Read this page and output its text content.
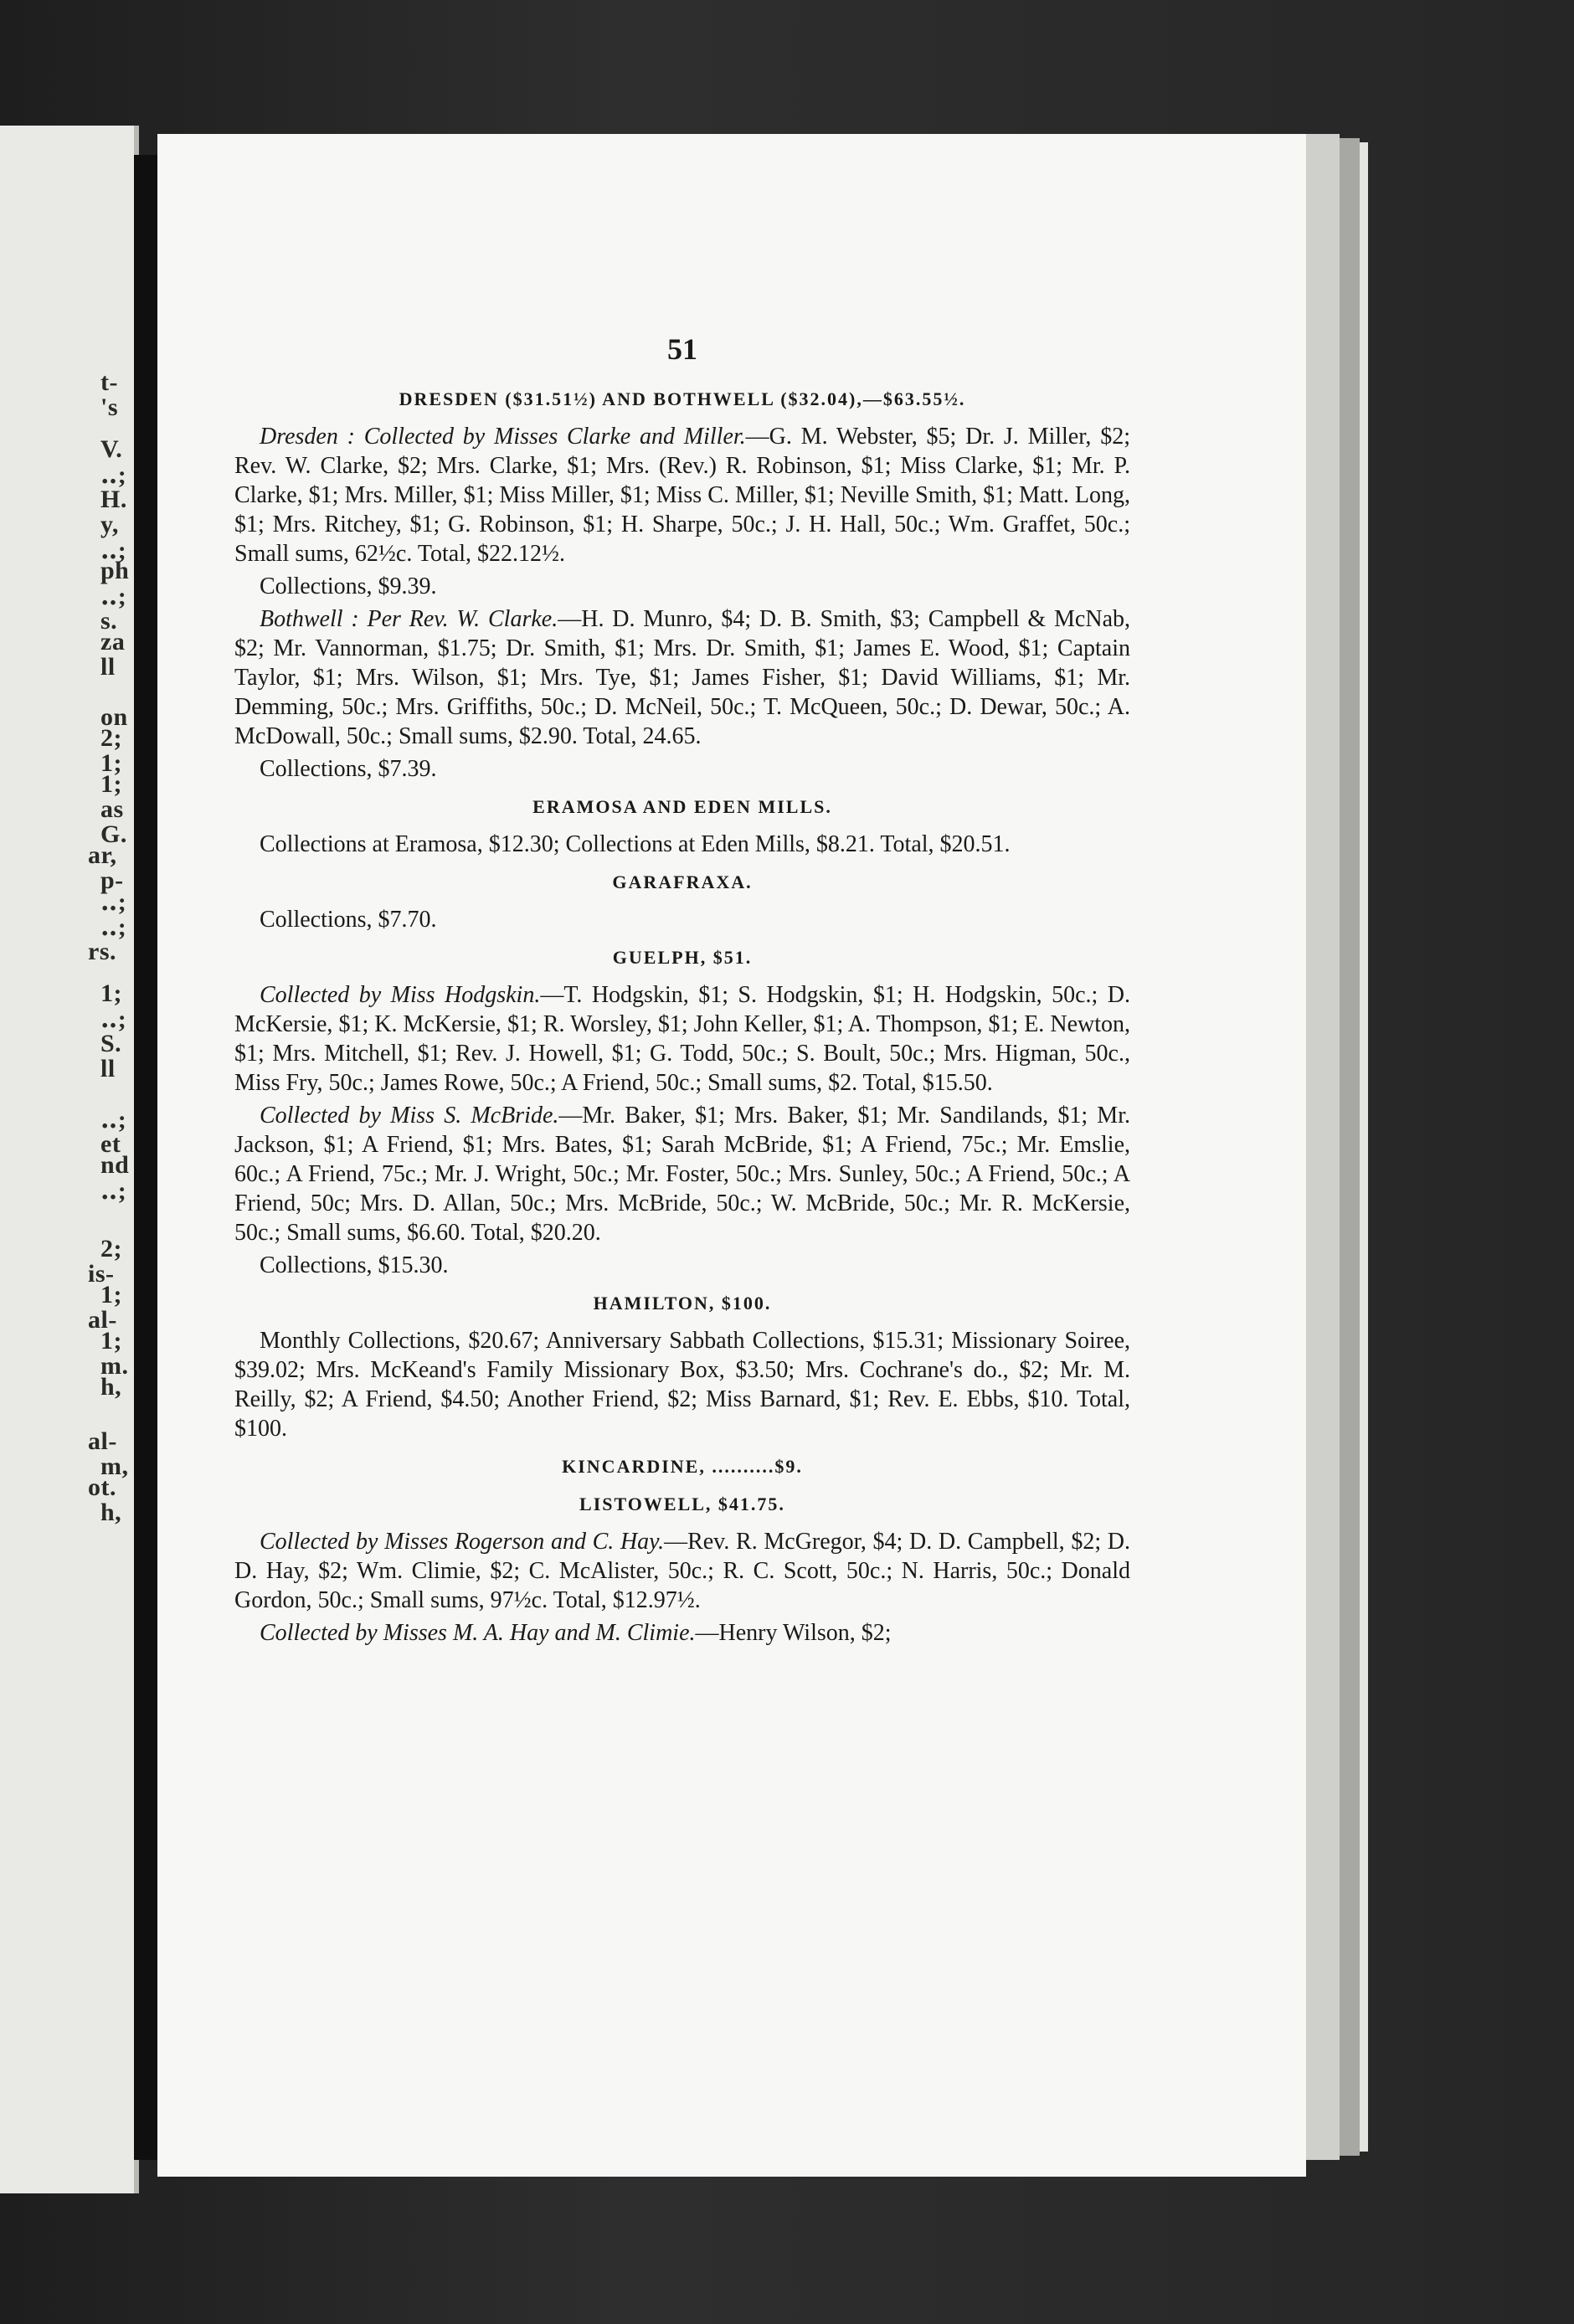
t-
's
V.
‥;
H.
y,
‥;
ph
‥;
s.
za
ll
on
2;
1;
1;
as
G.
ar,
p-
‥;
‥;
rs.
1;
‥;
S.
ll
‥;
et
nd
‥;
2;
is-
1;
al-
1;
m.
h,
al-
m,
ot.
h,
51
DRESDEN ($31.51½) AND BOTHWELL ($32.04),—$63.55½.

Dresden : Collected by Misses Clarke and Miller.—G. M. Webster, $5; Dr. J. Miller, $2; Rev. W. Clarke, $2; Mrs. Clarke, $1; Mrs. (Rev.) R. Robinson, $1; Miss Clarke, $1; Mr. P. Clarke, $1; Mrs. Miller, $1; Miss Miller, $1; Miss C. Miller, $1; Neville Smith, $1; Matt. Long, $1; Mrs. Ritchey, $1; G. Robinson, $1; H. Sharpe, 50c.; J. H. Hall, 50c.; Wm. Graffet, 50c.; Small sums, 62½c. Total, $22.12½.

Collections, $9.39.

Bothwell : Per Rev. W. Clarke.—H. D. Munro, $4; D. B. Smith, $3; Campbell & McNab, $2; Mr. Vannorman, $1.75; Dr. Smith, $1; Mrs. Dr. Smith, $1; James E. Wood, $1; Captain Taylor, $1; Mrs. Wilson, $1; Mrs. Tye, $1; James Fisher, $1; David Williams, $1; Mr. Demming, 50c.; Mrs. Griffiths, 50c.; D. McNeil, 50c.; T. McQueen, 50c.; D. Dewar, 50c.; A. McDowall, 50c.; Small sums, $2.90. Total, 24.65.

Collections, $7.39.

ERAMOSA AND EDEN MILLS.

Collections at Eramosa, $12.30; Collections at Eden Mills, $8.21. Total, $20.51.

GARAFRAXA.

Collections, $7.70.

GUELPH, $51.

Collected by Miss Hodgskin.—T. Hodgskin, $1; S. Hodgskin, $1; H. Hodgskin, 50c.; D. McKersie, $1; K. McKersie, $1; R. Worsley, $1; John Keller, $1; A. Thompson, $1; E. Newton, $1; Mrs. Mitchell, $1; Rev. J. Howell, $1; G. Todd, 50c.; S. Boult, 50c.; Mrs. Higman, 50c., Miss Fry, 50c.; James Rowe, 50c.; A Friend, 50c.; Small sums, $2. Total, $15.50.

Collected by Miss S. McBride.—Mr. Baker, $1; Mrs. Baker, $1; Mr. Sandilands, $1; Mr. Jackson, $1; A Friend, $1; Mrs. Bates, $1; Sarah McBride, $1; A Friend, 75c.; Mr. Emslie, 60c.; A Friend, 75c.; Mr. J. Wright, 50c.; Mr. Foster, 50c.; Mrs. Sunley, 50c.; A Friend, 50c.; A Friend, 50c; Mrs. D. Allan, 50c.; Mrs. McBride, 50c.; W. McBride, 50c.; Mr. R. McKersie, 50c.; Small sums, $6.60. Total, $20.20.

Collections, $15.30.

HAMILTON, $100.

Monthly Collections, $20.67; Anniversary Sabbath Collections, $15.31; Missionary Soiree, $39.02; Mrs. McKeand's Family Missionary Box, $3.50; Mrs. Cochrane's do., $2; Mr. M. Reilly, $2; A Friend, $4.50; Another Friend, $2; Miss Barnard, $1; Rev. E. Ebbs, $10. Total, $100.

KINCARDINE, ..........$9.
LISTOWELL, $41.75.

Collected by Misses Rogerson and C. Hay.—Rev. R. McGregor, $4; D. D. Campbell, $2; D. D. Hay, $2; Wm. Climie, $2; C. McAlister, 50c.; R. C. Scott, 50c.; N. Harris, 50c.; Donald Gordon, 50c.; Small sums, 97½c. Total, $12.97½.

Collected by Misses M. A. Hay and M. Climie.—Henry Wilson, $2;
